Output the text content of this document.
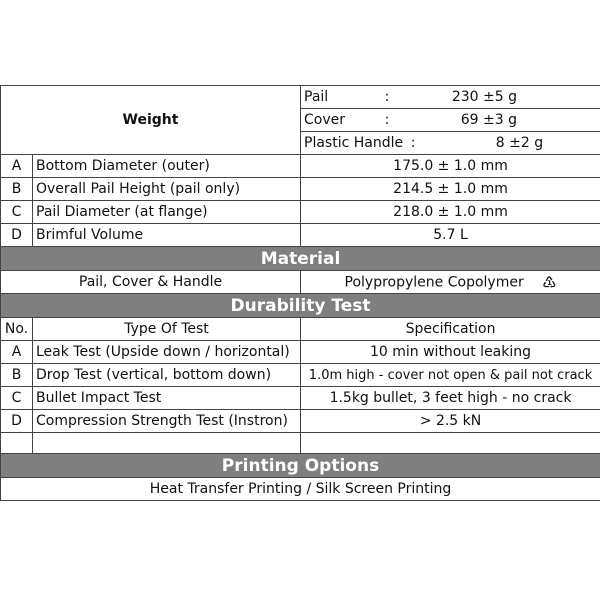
Weight		Pail : 230 ±5 g

		Cover : 69 ±3 g

		Plastic Handle : 8 ±2 g

A	Bottom Diameter (outer)	175.0 ± 1.0 mm
B	Overall Pail Height (pail only)	214.5 ± 1.0 mm
C	Pail Diameter (at flange)	218.0 ± 1.0 mm
D	Brimful Volume	5.7 L
Material		
Pail, Cover & Handle		Polypropylene Copolymer ♳
Durability Test		
No.	Type Of Test	Specification
A	Leak Test (Upside down / horizontal)	10 min without leaking
B	Drop Test (vertical, bottom down)	1.0m high - cover not open & pail not crack
C	Bullet Impact Test	1.5kg bullet, 3 feet high - no crack
D	Compression Strength Test (Instron)	> 2.5 kN

Printing Options		
Heat Transfer Printing / Silk Screen Printing		
